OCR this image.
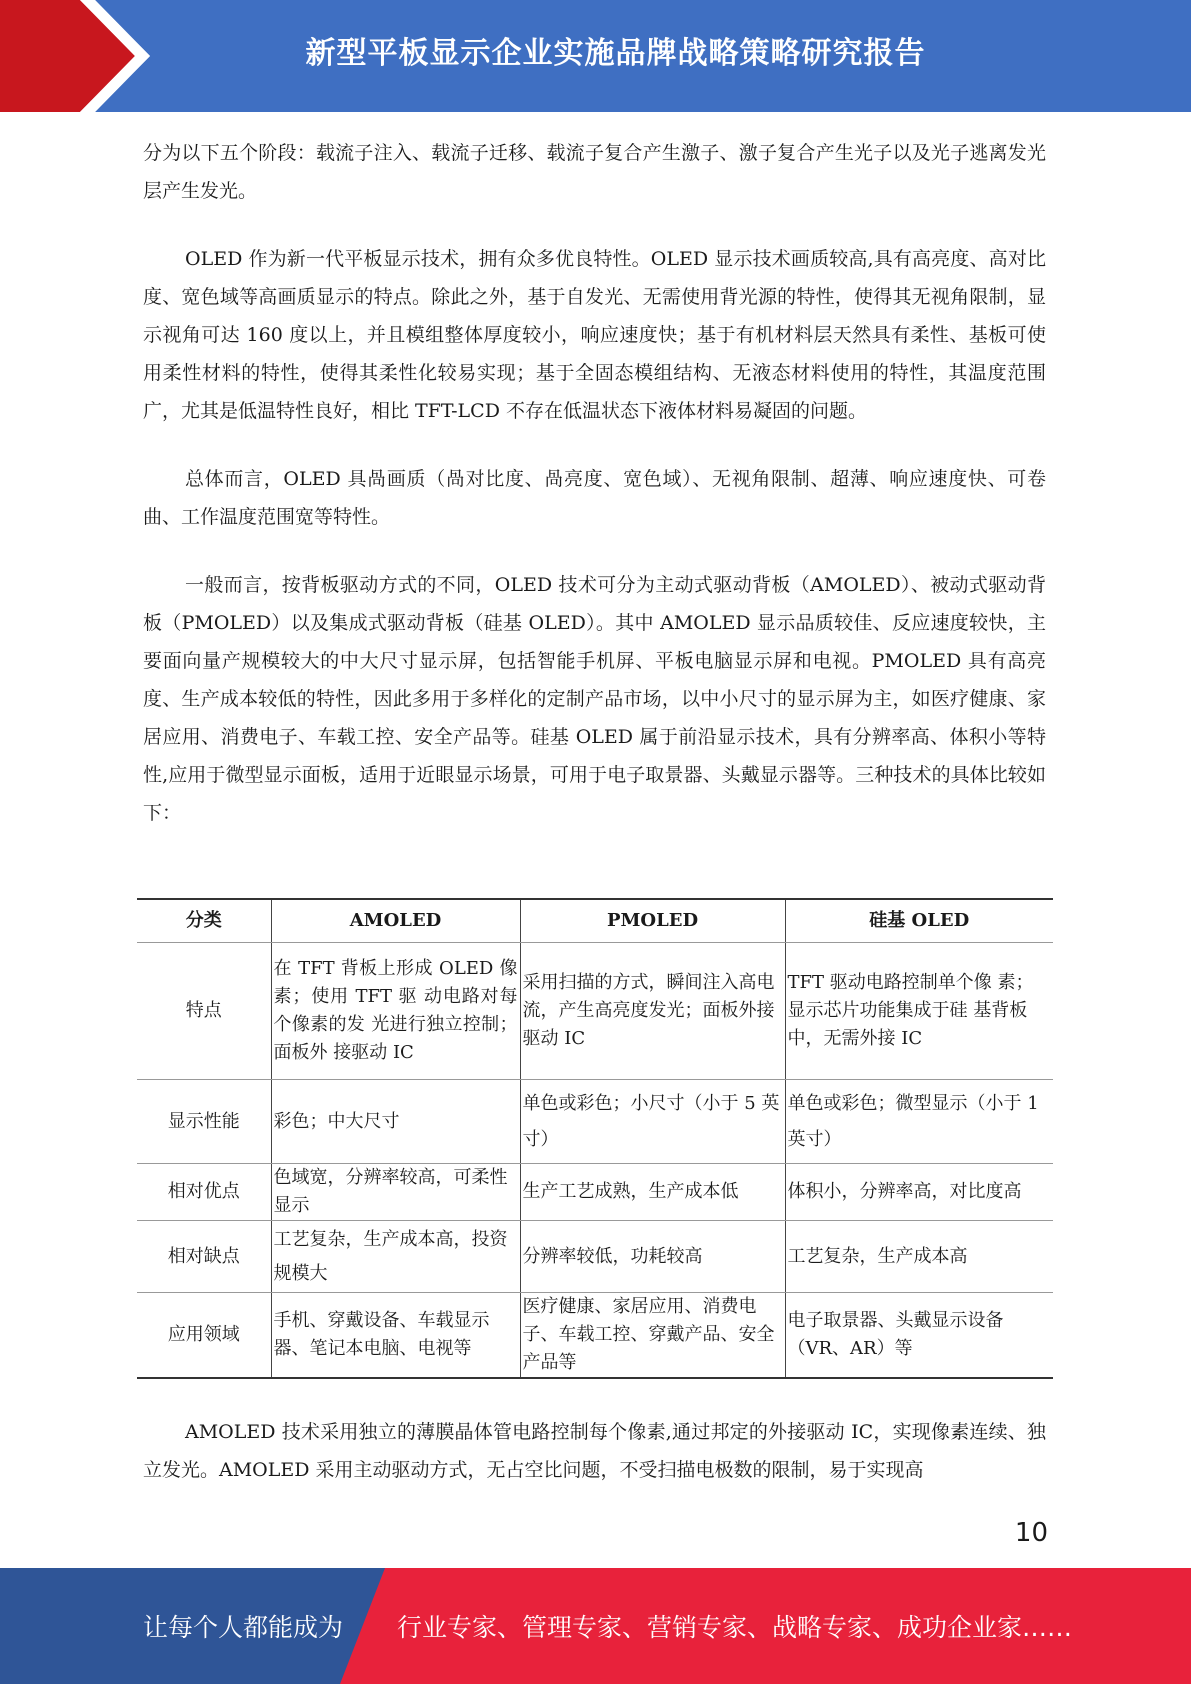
新型平板显示企业实施品牌战略策略研究报告

分为以下五个阶段：载流子注入、载流子迁移、载流子复合产生激子、激子复合产生光子以及光子逃离发光层产生发光。

OLED 作为新一代平板显示技术，拥有众多优良特性。OLED 显示技术画质较高,具有高亮度、高对比度、宽色域等高画质显示的特点。除此之外，基于自发光、无需使用背光源的特性，使得其无视角限制，显示视角可达 160 度以上，并且模组整体厚度较小，响应速度快；基于有机材料层天然具有柔性、基板可使用柔性材料的特性，使得其柔性化较易实现；基于全固态模组结构、无液态材料使用的特性，其温度范围广，尤其是低温特性良好，相比 TFT-LCD 不存在低温状态下液体材料易凝固的问题。

总体而言，OLED 具咼画质（咼对比度、咼亮度、宽色域）、无视角限制、超薄、响应速度快、可卷曲、工作温度范围宽等特性。

一般而言，按背板驱动方式的不同，OLED 技术可分为主动式驱动背板（AMOLED）、被动式驱动背板（PMOLED）以及集成式驱动背板（硅基 OLED）。其中 AMOLED 显示品质较佳、反应速度较快，主要面向量产规模较大的中大尺寸显示屏，包括智能手机屏、平板电脑显示屏和电视。PMOLED 具有高亮度、生产成本较低的特性，因此多用于多样化的定制产品市场，以中小尺寸的显示屏为主，如医疗健康、家居应用、消费电子、车载工控、安全产品等。硅基 OLED 属于前沿显示技术，具有分辨率高、体积小等特性,应用于微型显示面板，适用于近眼显示场景，可用于电子取景器、头戴显示器等。三种技术的具体比较如下：

分类	AMOLED	PMOLED	硅基 OLED
特点	在 TFT 背板上形成 OLED 像素；使用 TFT 驱 动电路对每个像素的发 光进行独立控制；面板外 接驱动 IC	采用扫描的方式，瞬间注入高电流，产生高亮度发光；面板外接驱动 IC	TFT 驱动电路控制单个像 素；显示芯片功能集成于硅 基背板中，无需外接 IC
显示性能	彩色；中大尺寸	单色或彩色；小尺寸（小于 5 英寸）	单色或彩色；微型显示（小于 1 英寸）
相对优点	色域宽，分辨率较高，可柔性显示	生产工艺成熟，生产成本低	体积小，分辨率高，对比度高
相对缺点	工艺复杂，生产成本高，投资规模大	分辨率较低，功耗较高	工艺复杂，生产成本高
应用领域	手机、穿戴设备、车载显示器、笔记本电脑、电视等	医疗健康、家居应用、消费电子、车载工控、穿戴产品、安全产品等	电子取景器、头戴显示设备（VR、AR）等

AMOLED 技术采用独立的薄膜晶体管电路控制每个像素,通过邦定的外接驱动 IC，实现像素连续、独立发光。AMOLED 采用主动驱动方式，无占空比问题，不受扫描电极数的限制，易于实现高

10
让每个人都能成为 行业专家、管理专家、营销专家、战略专家、成功企业家……
